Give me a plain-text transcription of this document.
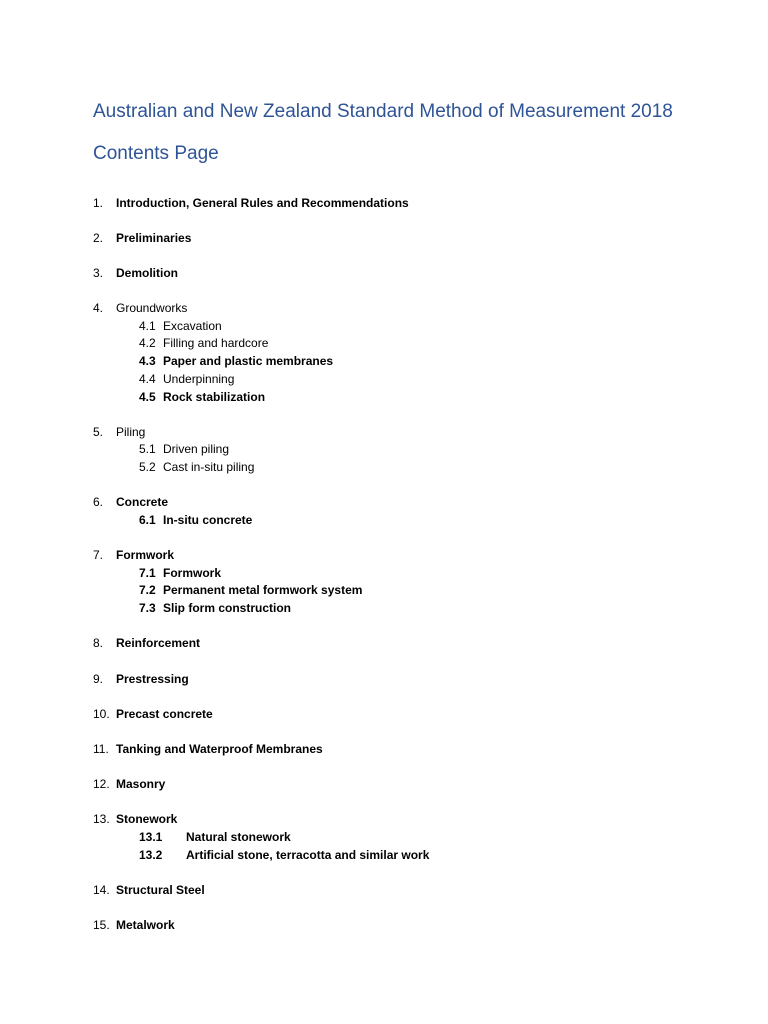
Australian and New Zealand Standard Method of Measurement 2018
Contents Page
1. Introduction, General Rules and Recommendations
2. Preliminaries
3. Demolition
4. Groundworks
4.1 Excavation
4.2 Filling and hardcore
4.3 Paper and plastic membranes
4.4 Underpinning
4.5 Rock stabilization
5. Piling
5.1 Driven piling
5.2 Cast in-situ piling
6. Concrete
6.1 In-situ concrete
7. Formwork
7.1 Formwork
7.2 Permanent metal formwork system
7.3 Slip form construction
8. Reinforcement
9. Prestressing
10. Precast concrete
11. Tanking and Waterproof Membranes
12. Masonry
13. Stonework
13.1 Natural stonework
13.2 Artificial stone, terracotta and similar work
14. Structural Steel
15. Metalwork
